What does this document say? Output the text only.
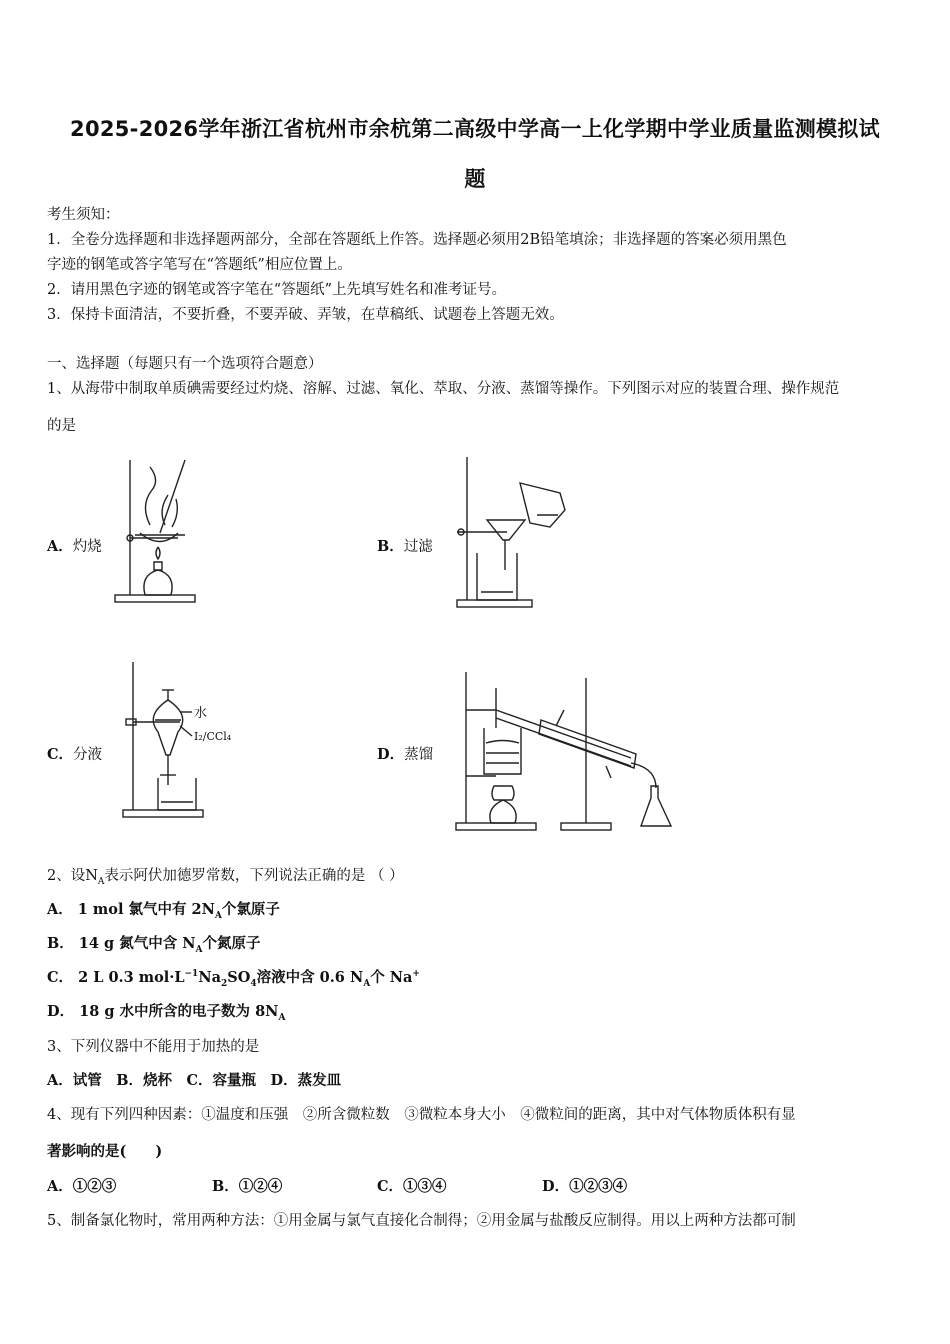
2025-2026学年浙江省杭州市余杭第二高级中学高一上化学期中学业质量监测模拟试
题
考生须知：
1．全卷分选择题和非选择题两部分，全部在答题纸上作答。选择题必须用2B铅笔填涂；非选择题的答案必须用黑色
字迹的钢笔或答字笔写在“答题纸”相应位置上。
2．请用黑色字迹的钢笔或答字笔在“答题纸”上先填写姓名和准考证号。
3．保持卡面清洁，不要折叠，不要弄破、弄皱，在草稿纸、试题卷上答题无效。
一、选择题（每题只有一个选项符合题意）
1、从海带中制取单质碘需要经过灼烧、溶解、过滤、氧化、萃取、分液、蒸馏等操作。下列图示对应的装置合理、操作规范
的是
A．灼烧	B．过滤
C．分液
水
I₂/CCl₄
D．蒸馏
2、设$N_A$表示阿伏加德罗常数，下列说法正确的是 （ ）
A． 1 mol 氯气中有 $2N_A$个氯原子
B． 14 g 氮气中含 $N_A$个氮原子
C． 2 L 0.3 $mol\cdot L^{-1}Na_2SO_4$溶液中含 0.6 $N_A$个 Na+
D． 18 g 水中所含的电子数为 $8N_A$
3、下列仪器中不能用于加热的是
A．试管　B．烧杯　C．容量瓶　D．蒸发皿
4、现有下列四种因素：①温度和压强　②所含微粒数　③微粒本身大小　④微粒间的距离，其中对气体物质体积有显
著影响的是(　　)
A．①②③	B．①②④	C．①③④	D．①②③④
5、制备氯化物时，常用两种方法：①用金属与氯气直接化合制得；②用金属与盐酸反应制得。用以上两种方法都可制
